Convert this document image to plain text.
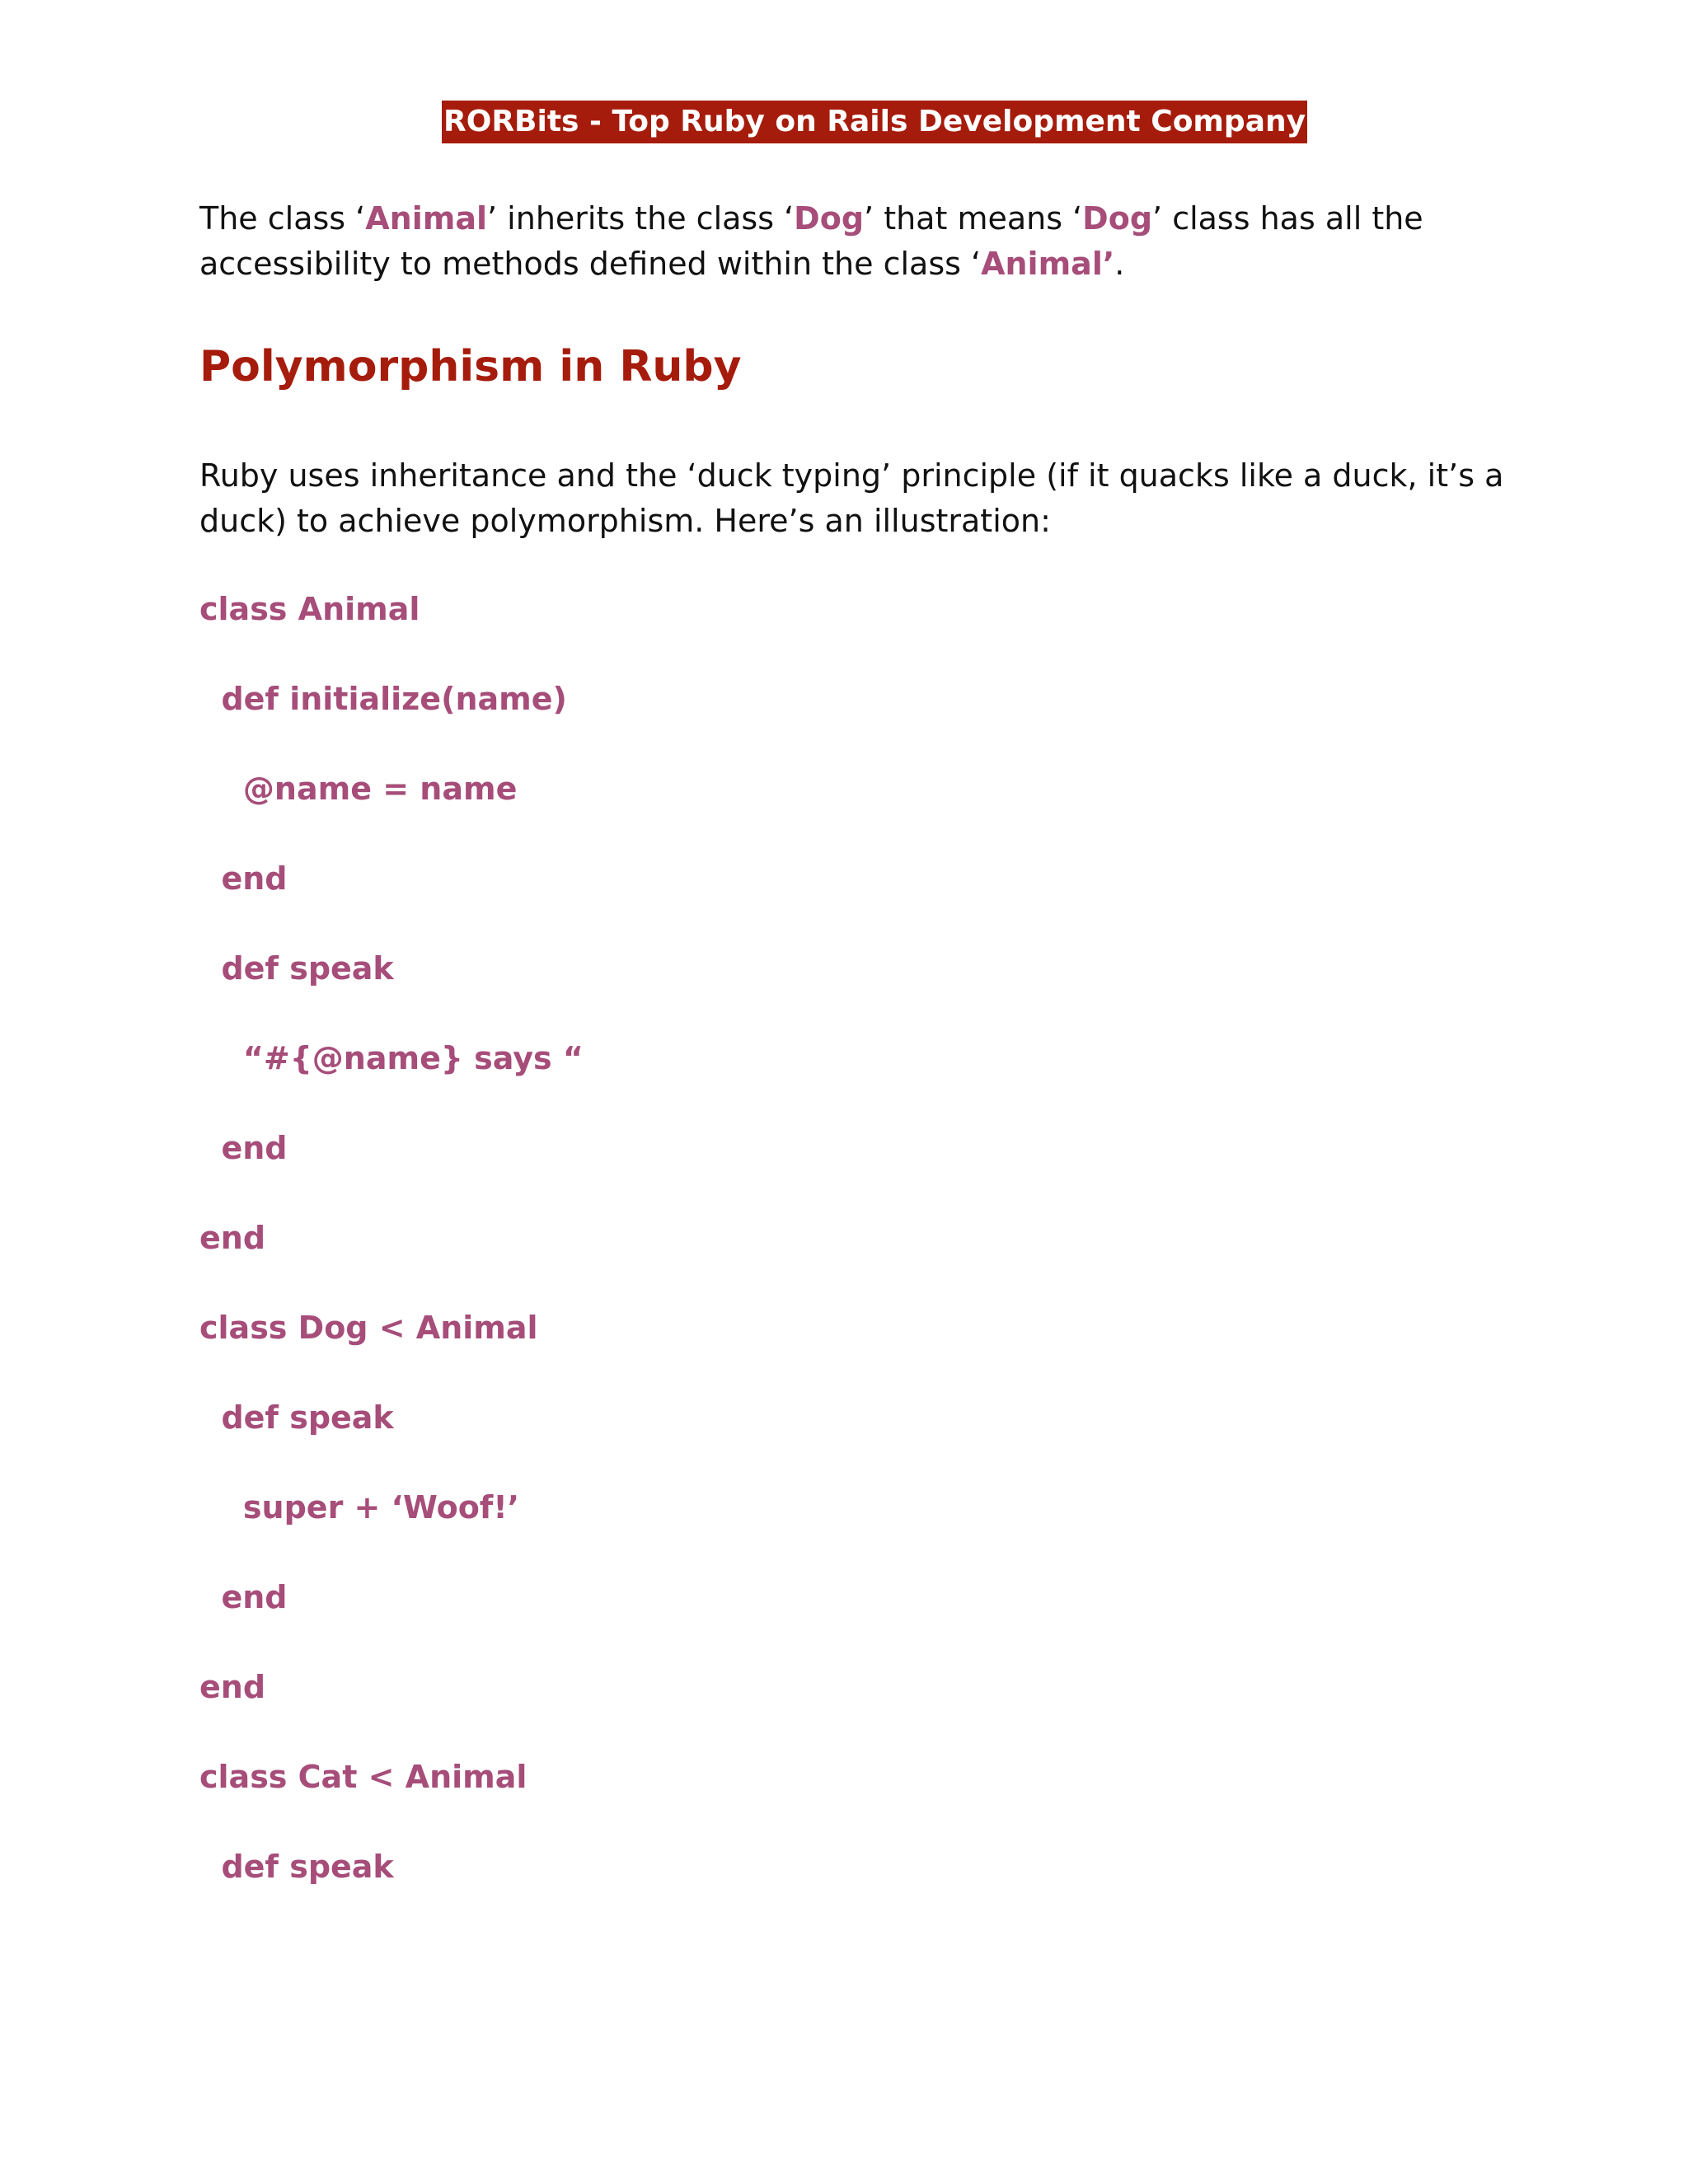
RORBits - Top Ruby on Rails Development Company

The class ‘Animal’ inherits the class ‘Dog’ that means ‘Dog’ class has all the accessibility to methods defined within the class ‘Animal’.

Polymorphism in Ruby

Ruby uses inheritance and the ‘duck typing’ principle (if it quacks like a duck, it’s a duck) to achieve polymorphism. Here’s an illustration:

class Animal

def initialize(name)

@name = name

end

def speak

“#{@name} says “

end

end

class Dog < Animal

def speak

super + ‘Woof!’

end

end

class Cat < Animal

def speak
